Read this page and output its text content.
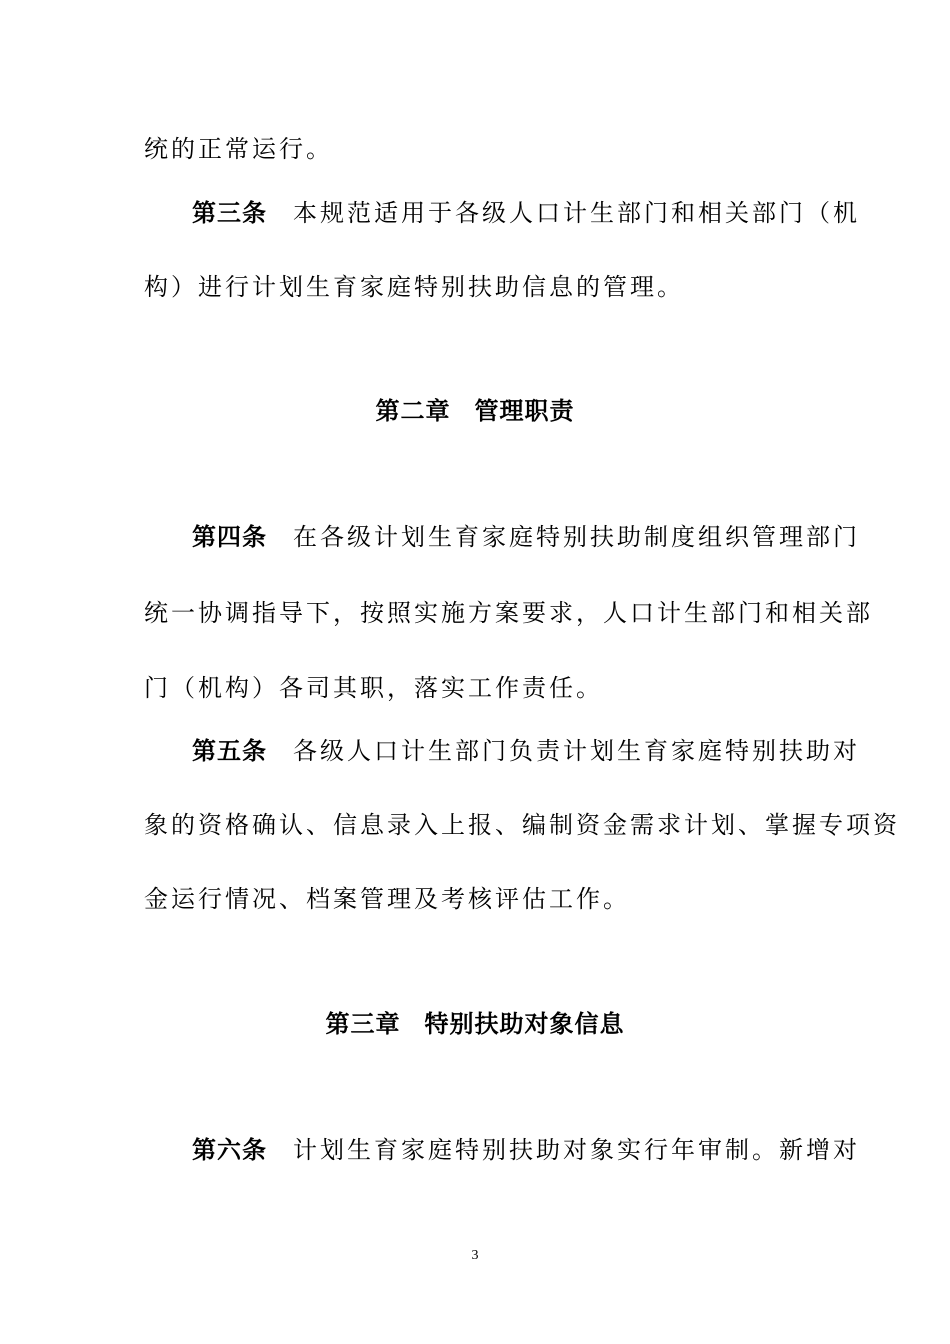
统的正常运行。
第三条 本规范适用于各级人口计生部门和相关部门（机
构）进行计划生育家庭特别扶助信息的管理。
第二章 管理职责
第四条 在各级计划生育家庭特别扶助制度组织管理部门
统一协调指导下，按照实施方案要求，人口计生部门和相关部
门（机构）各司其职，落实工作责任。
第五条 各级人口计生部门负责计划生育家庭特别扶助对
象的资格确认、信息录入上报、编制资金需求计划、掌握专项资
金运行情况、档案管理及考核评估工作。
第三章 特别扶助对象信息
第六条 计划生育家庭特别扶助对象实行年审制。新增对
3
